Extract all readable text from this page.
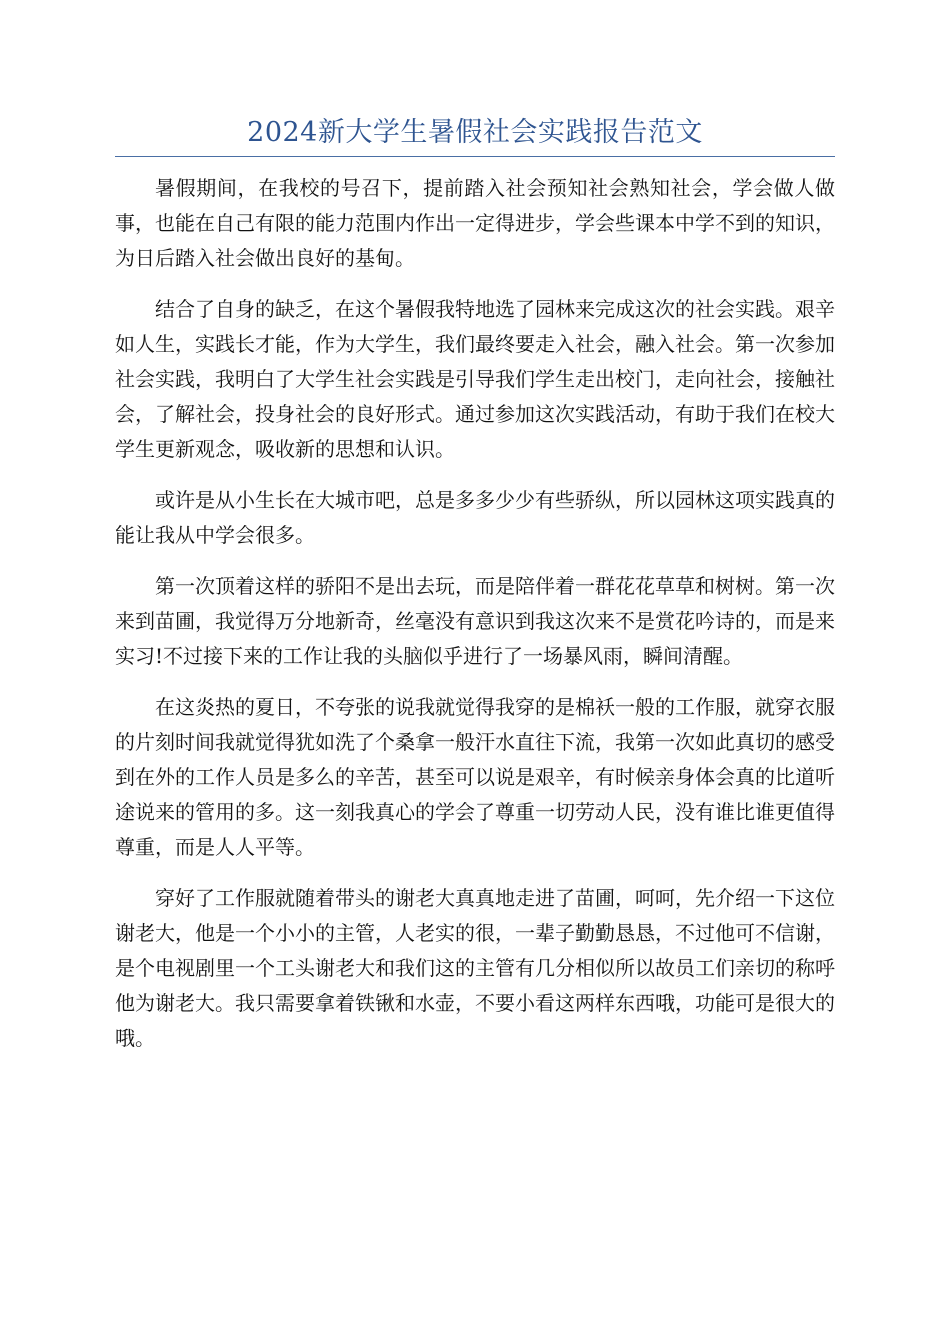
2024新大学生暑假社会实践报告范文

暑假期间，在我校的号召下，提前踏入社会预知社会熟知社会，学会做人做事，也能在自己有限的能力范围内作出一定得进步，学会些课本中学不到的知识，为日后踏入社会做出良好的基甸。

结合了自身的缺乏，在这个暑假我特地选了园林来完成这次的社会实践。艰辛如人生，实践长才能，作为大学生，我们最终要走入社会，融入社会。第一次参加社会实践，我明白了大学生社会实践是引导我们学生走出校门，走向社会，接触社会，了解社会，投身社会的良好形式。通过参加这次实践活动，有助于我们在校大学生更新观念，吸收新的思想和认识。

或许是从小生长在大城市吧，总是多多少少有些骄纵，所以园林这项实践真的能让我从中学会很多。

第一次顶着这样的骄阳不是出去玩，而是陪伴着一群花花草草和树树。第一次来到苗圃，我觉得万分地新奇，丝毫没有意识到我这次来不是赏花吟诗的，而是来实习!不过接下来的工作让我的头脑似乎进行了一场暴风雨，瞬间清醒。

在这炎热的夏日，不夸张的说我就觉得我穿的是棉袄一般的工作服，就穿衣服的片刻时间我就觉得犹如洗了个桑拿一般汗水直往下流，我第一次如此真切的感受到在外的工作人员是多么的辛苦，甚至可以说是艰辛，有时候亲身体会真的比道听途说来的管用的多。这一刻我真心的学会了尊重一切劳动人民，没有谁比谁更值得尊重，而是人人平等。

穿好了工作服就随着带头的谢老大真真地走进了苗圃，呵呵，先介绍一下这位谢老大，他是一个小小的主管，人老实的很，一辈子勤勤恳恳，不过他可不信谢，是个电视剧里一个工头谢老大和我们这的主管有几分相似所以故员工们亲切的称呼他为谢老大。我只需要拿着铁锹和水壶，不要小看这两样东西哦，功能可是很大的哦。
